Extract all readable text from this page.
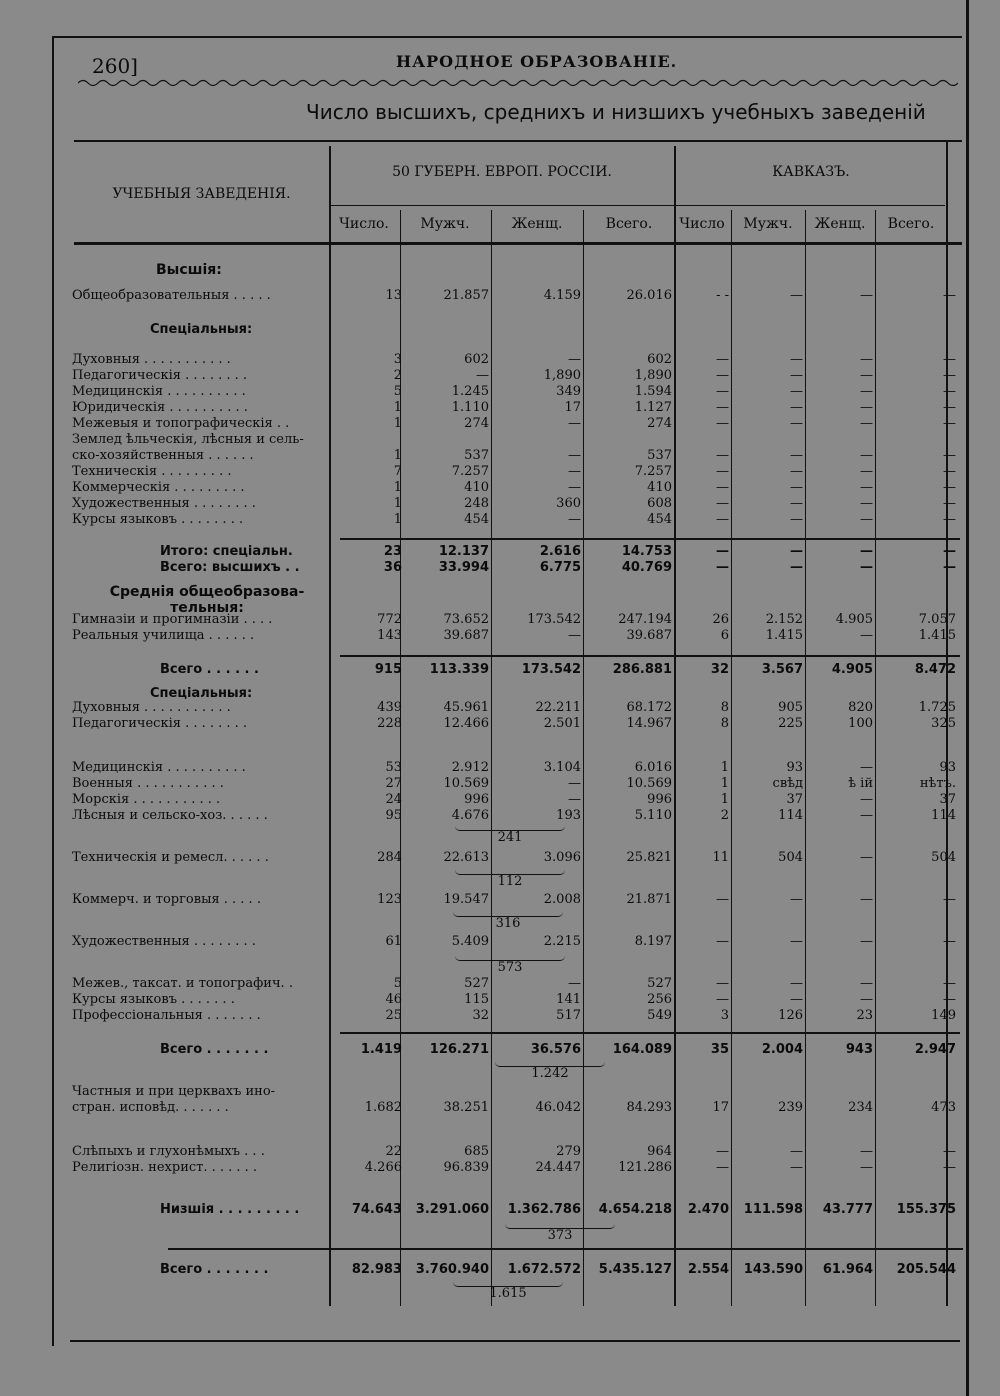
260]	НАРОДНОЕ ОБРАЗОВАНІЕ.
Число высшихъ, среднихъ и низшихъ учебныхъ заведеній
УЧЕБНЫЯ ЗАВЕДЕНІЯ.
50 ГУБЕРН. ЕВРОП. РОССІИ.	КАВКАЗЪ.
Число.	Мужч.	Женщ.	Всего.	Число	Мужч.	Женщ.	Всего.
Высшія:
Спеціальныя:
Среднія общеобразова-тельныя:
Спеціальныя:
Общеобразовательныя . . . . .	13	21.857	4.159	26.016	- -	—	—	—
Духовныя . . . . . . . . . . .	3	602	—	602	—	—	—	—
Педагогическія . . . . . . . .	2	—	1,890	1,890	—	—	—	—
Медицинскія . . . . . . . . . .	5	1.245	349	1.594	—	—	—	—
Юридическія . . . . . . . . . .	1	1.110	17	1.127	—	—	—	—
Межевыя и топографическія . .	1	274	—	274	—	—	—	—
Землед ѣльческія, лѣсныя и сель-
ско-хозяйственныя . . . . . .	1	537	—	537	—	—	—	—
Техническія . . . . . . . . .	7	7.257	—	7.257	—	—	—	—
Коммерческія . . . . . . . . .	1	410	—	410	—	—	—	—
Художественныя . . . . . . . .	1	248	360	608	—	—	—	—
Курсы языковъ . . . . . . . .	1	454	—	454	—	—	—	—
Итого: спеціальн.	23	12.137	2.616	14.753	—	—	—	—
Всего: высшихъ . .	36	33.994	6.775	40.769	—	—	—	—
Гимназіи и прогимназіи . . . .	772	73.652	173.542	247.194	26	2.152	4.905	7.057
Реальныя училища . . . . . .	143	39.687	—	39.687	6	1.415	—	1.415
Всего . . . . . .	915 113.339	173.542 286.881	32	3.567 4.905	8.472
Духовныя . . . . . . . . . . .	439	45.961	22.211	68.172	8	905	820	1.725
Педагогическія . . . . . . . .	228	12.466	2.501	14.967	8	225	100	325
Медицинскія . . . . . . . . . .	53	2.912	3.104	6.016	1	93	—	93
Военныя . . . . . . . . . . .	27	10.569	—	10.569	1	свѣд	ѣ ій	нѣтъ.
Морскія . . . . . . . . . . .	24	996	—	996	1	37	—	37
Лѣсныя и сельско-хоз. . . . . .	95	4.676	193	5.110	2	114	—	114
Техническія и ремесл. . . . . .	284	22.613	3.096	25.821	11	504	—	504
Коммерч. и торговыя . . . . .	123	19.547	2.008	21.871	—	—	—	—
Художественныя . . . . . . . .	61	5.409	2.215	8.197	—	—	—	—
Межев., таксат. и топографич. .	5	527	—	527	—	—	—	—
Курсы языковъ . . . . . . .	46	115	141	256	—	—	—	—
Профессіональныя . . . . . . .	25	32	517	549	3	126	23	149
Всего . . . . . . .	1.419 126.271	36.576 164.089	35	2.004	943	2.947
Частныя и при церквахъ ино-
стран. исповѣд. . . . . . .	1.682	38.251	46.042	84.293	17	239	234	473
Слѣпыхъ и глухонѣмыхъ . . .	22	685	279	964	—	—	—	—
Религіозн. нехрист. . . . . . .	4.266	96.839	24.447	121.286	—	—	—	—
Низшія . . . . . . . . .	74.643 3.291.060 1.362.786 4.654.218 2.470 111.598 43.777 155.375
Всего . . . . . . .	82.983 3.760.940 1.672.572 5.435.127 2.554 143.590 61.964 205.544
241
112
316
573
1.242
373
1.615
